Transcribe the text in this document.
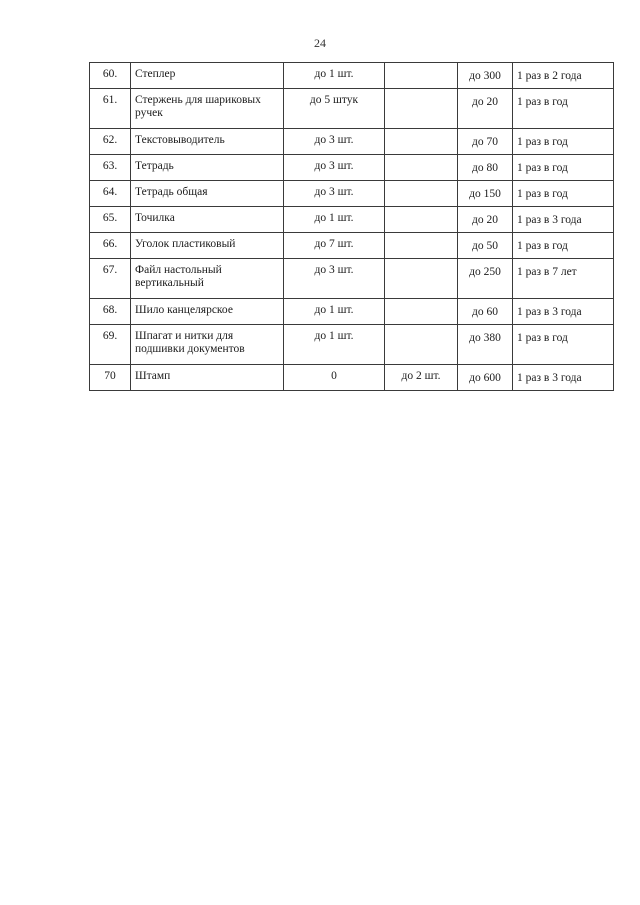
24
60.	Степлер	до 1 шт.		до 300	1 раз в 2 года
61.	Стержень для шариковых ручек	до 5 штук		до 20	1 раз в год
62.	Текстовыводитель	до 3 шт.		до 70	1 раз в год
63.	Тетрадь	до 3 шт.		до 80	1 раз в год
64.	Тетрадь общая	до 3 шт.		до 150	1 раз в год
65.	Точилка	до 1 шт.		до 20	1 раз в 3 года
66.	Уголок пластиковый	до 7 шт.		до 50	1 раз в год
67.	Файл настольный вертикальный	до 3 шт.		до 250	1 раз в 7 лет
68.	Шило канцелярское	до 1 шт.		до 60	1 раз в 3 года
69.	Шпагат и нитки для подшивки документов	до 1 шт.		до 380	1 раз в год
70	Штамп	0	до 2 шт.	до 600	1 раз в 3 года
